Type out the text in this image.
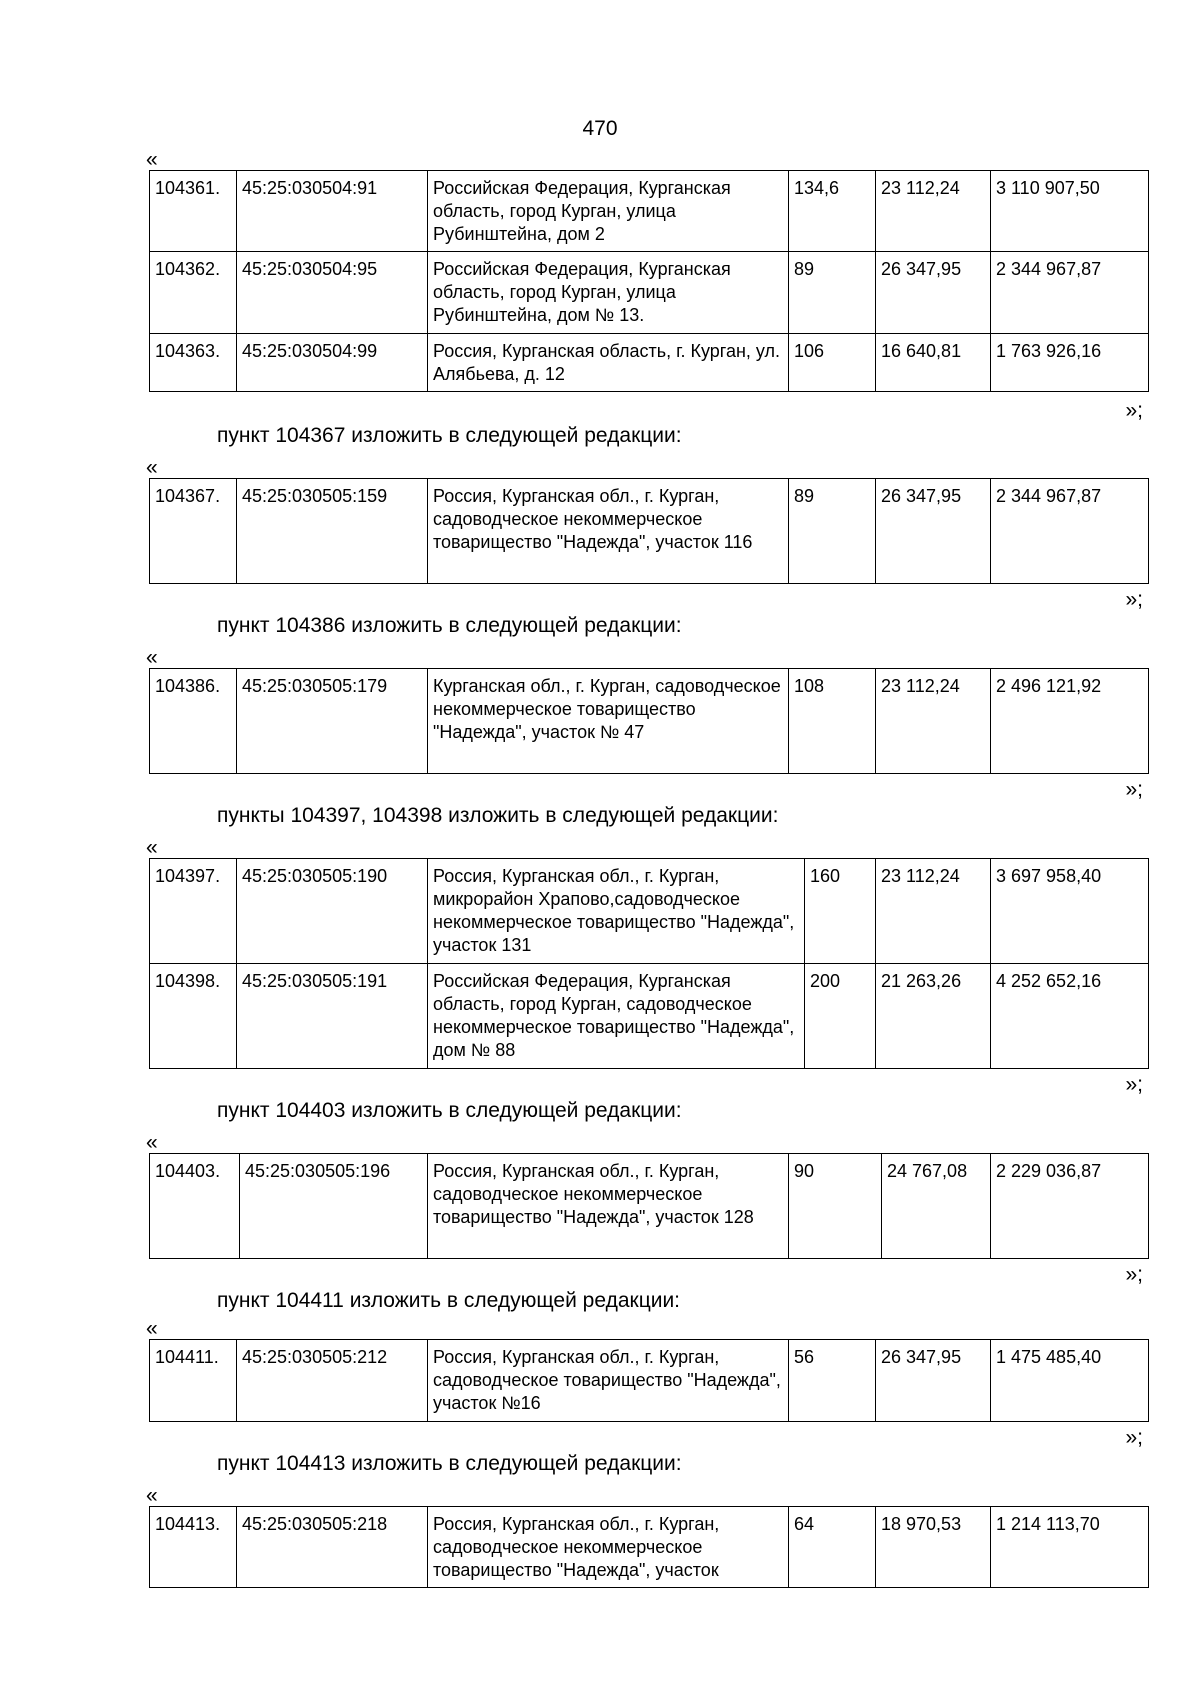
470
«
104361.	45:25:030504:91	Российская Федерация, Курганская область, город Курган, улица Рубинштейна, дом 2	134,6	23 112,24	3 110 907,50
104362.	45:25:030504:95	Российская Федерация, Курганская область, город Курган, улица Рубинштейна, дом № 13.	89	26 347,95	2 344 967,87
104363.	45:25:030504:99	Россия, Курганская область, г. Курган, ул. Алябьева, д. 12	106	16 640,81	1 763 926,16
»;
пункт 104367 изложить в следующей редакции:
«
104367.	45:25:030505:159	Россия, Курганская обл., г. Курган, садоводческое некоммерческое товарищество "Надежда", участок 116	89	26 347,95	2 344 967,87
»;
пункт 104386 изложить в следующей редакции:
«
104386.	45:25:030505:179	Курганская обл., г. Курган, садоводческое некоммерческое товарищество "Надежда", участок № 47	108	23 112,24	2 496 121,92
»;
пункты 104397, 104398 изложить в следующей редакции:
«
104397.	45:25:030505:190	Россия, Курганская обл., г. Курган, микрорайон Храпово,садоводческое некоммерческое товарищество "Надежда", участок 131	160	23 112,24	3 697 958,40
104398.	45:25:030505:191	Российская Федерация, Курганская область, город Курган, садоводческое некоммерческое товарищество "Надежда", дом № 88	200	21 263,26	4 252 652,16
»;
пункт 104403 изложить в следующей редакции:
«
104403.	45:25:030505:196	Россия, Курганская обл., г. Курган, садоводческое некоммерческое товарищество "Надежда", участок 128	90	24 767,08	2 229 036,87
»;
пункт 104411 изложить в следующей редакции:
«
104411.	45:25:030505:212	Россия, Курганская обл., г. Курган, садоводческое товарищество "Надежда", участок №16	56	26 347,95	1 475 485,40
»;
пункт 104413 изложить в следующей редакции:
«
104413.	45:25:030505:218	Россия, Курганская обл., г. Курган, садоводческое некоммерческое товарищество "Надежда", участок	64	18 970,53	1 214 113,70
